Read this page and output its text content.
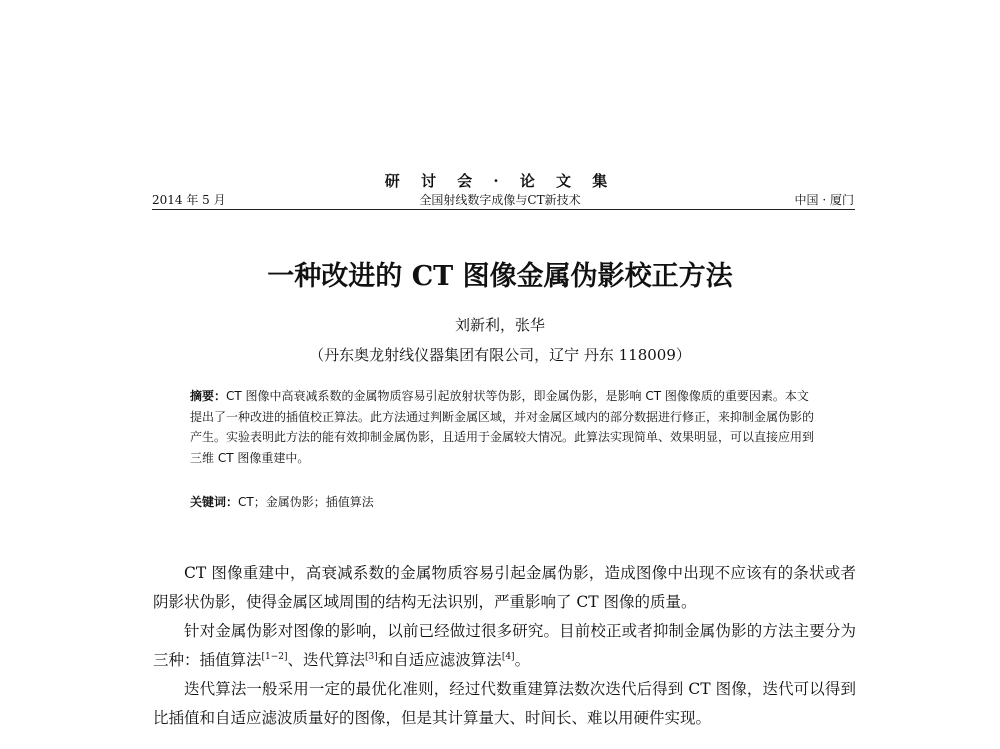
研 讨 会 · 论 文 集
全国射线数字成像与CT新技术
2014 年 5 月	中国 · 厦门
一种改进的 CT 图像金属伪影校正方法
刘新利，张华
（丹东奥龙射线仪器集团有限公司，辽宁 丹东 118009）
摘要：CT 图像中高衰减系数的金属物质容易引起放射状等伪影，即金属伪影，是影响 CT 图像像质的重要因素。本文提出了一种改进的插值校正算法。此方法通过判断金属区域，并对金属区域内的部分数据进行修正，来抑制金属伪影的产生。实验表明此方法的能有效抑制金属伪影，且适用于金属较大情况。此算法实现简单、效果明显，可以直接应用到三维 CT 图像重建中。
关键词：CT；金属伪影；插值算法

CT 图像重建中，高衰减系数的金属物质容易引起金属伪影，造成图像中出现不应该有的条状或者阴影状伪影，使得金属区域周围的结构无法识别，严重影响了 CT 图像的质量。

针对金属伪影对图像的影响，以前已经做过很多研究。目前校正或者抑制金属伪影的方法主要分为三种：插值算法[1−2]、迭代算法[3]和自适应滤波算法[4]。

迭代算法一般采用一定的最优化准则，经过代数重建算法数次迭代后得到 CT 图像，迭代可以得到比插值和自适应滤波质量好的图像，但是其计算量大、时间长、难以用硬件实现。
